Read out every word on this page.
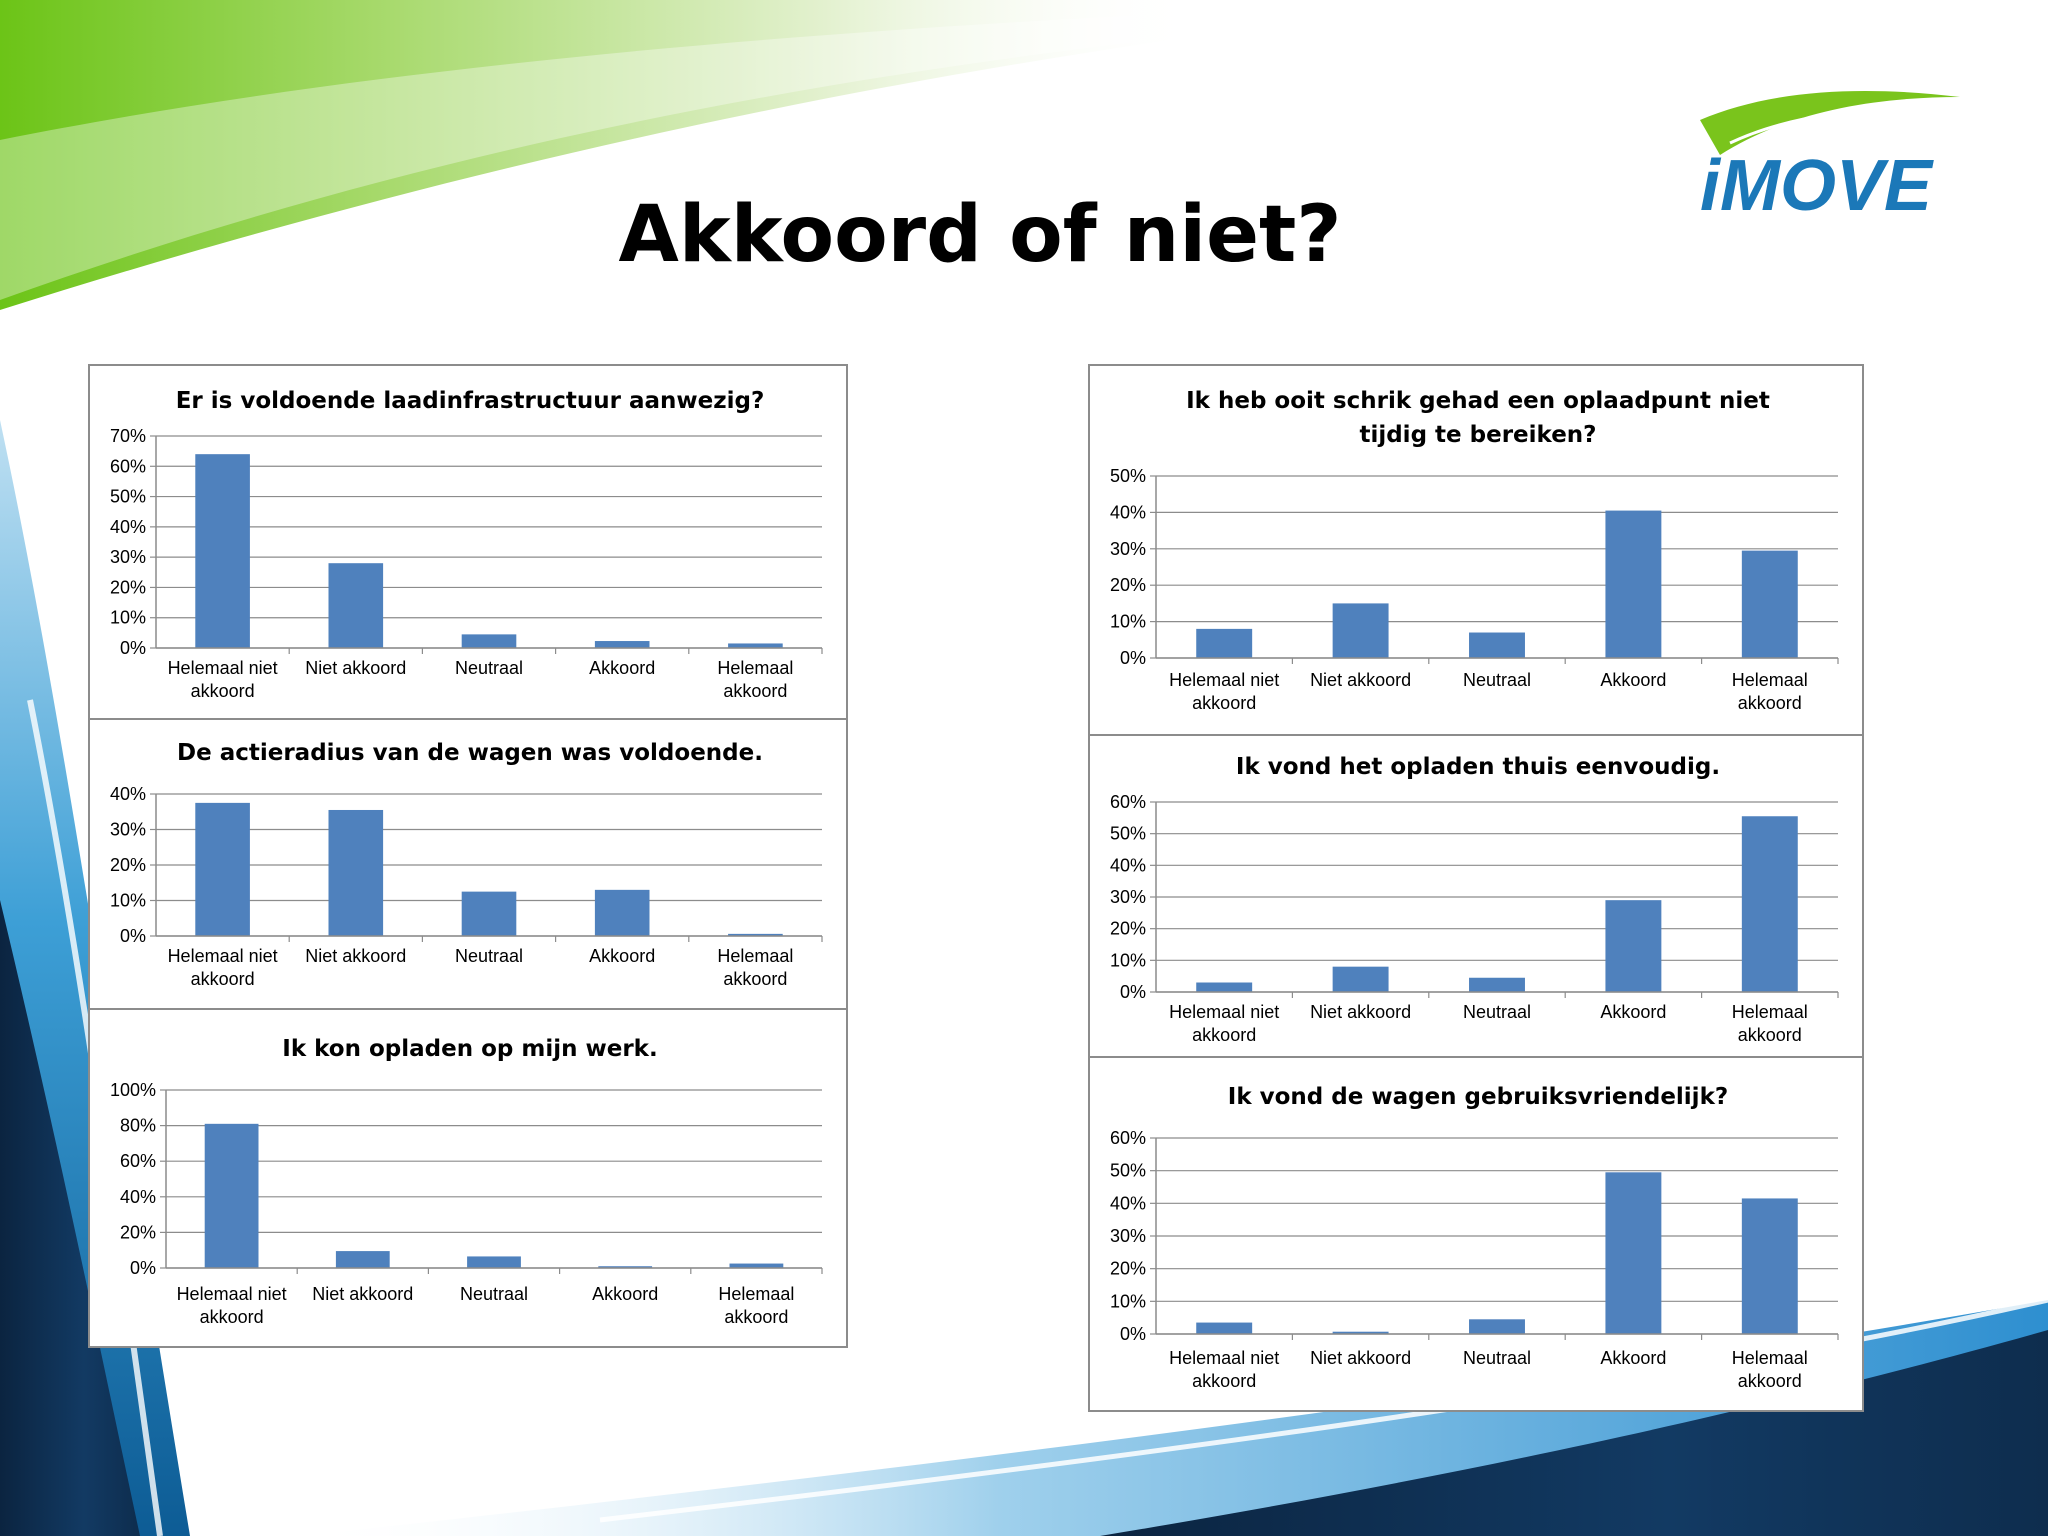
iMOVE
Akkoord of niet?
Er is voldoende laadinfrastructuur aanwezig?
0%
10%
20%
30%
40%
50%
60%
70%
Helemaal niet
akkoord
Niet akkoord	Neutraal	Akkoord	Helemaal
akkoord
De actieradius van de wagen was voldoende.
0%
10%
20%
30%
40%
Helemaal niet
akkoord
Niet akkoord	Neutraal	Akkoord	Helemaal
akkoord
Ik kon opladen op mijn werk.
0%
20%
40%
60%
80%
100%
Helemaal niet
akkoord
Niet akkoord	Neutraal	Akkoord	Helemaal
akkoord
Ik heb ooit schrik gehad een oplaadpunt niet
tijdig te bereiken?
0%
10%
20%
30%
40%
50%
Helemaal niet
akkoord
Niet akkoord	Neutraal	Akkoord	Helemaal
akkoord
Ik vond het opladen thuis eenvoudig.
0%
10%
20%
30%
40%
50%
60%
Helemaal niet
akkoord
Niet akkoord	Neutraal	Akkoord	Helemaal
akkoord
Ik vond de wagen gebruiksvriendelijk?
0%
10%
20%
30%
40%
50%
60%
Helemaal niet
akkoord
Niet akkoord	Neutraal	Akkoord	Helemaal
akkoord
